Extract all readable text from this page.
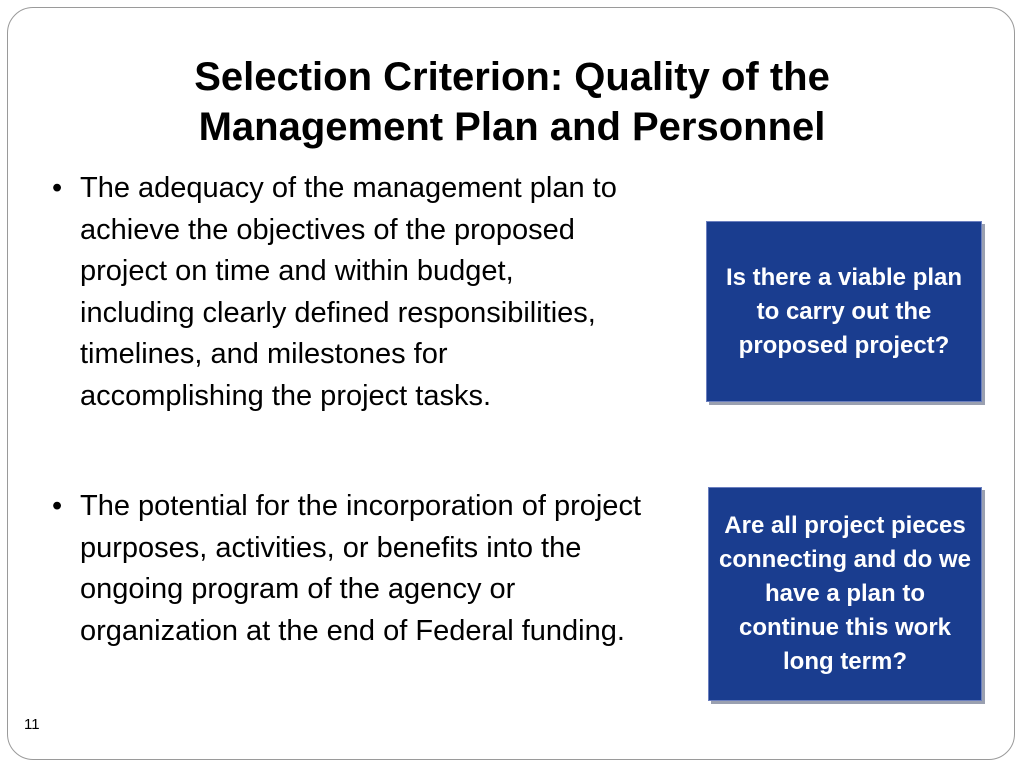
Selection Criterion: Quality of the
Management Plan and Personnel
• The adequacy of the management plan to achieve the objectives of the proposed project on time and within budget, including clearly defined responsibilities, timelines, and milestones for accomplishing the project tasks.
• The potential for the incorporation of project purposes, activities, or benefits into the ongoing program of the agency or organization at the end of Federal funding.
Is there a viable plan to carry out the proposed project?
Are all project pieces connecting and do we have a plan to continue this work long term?
11
